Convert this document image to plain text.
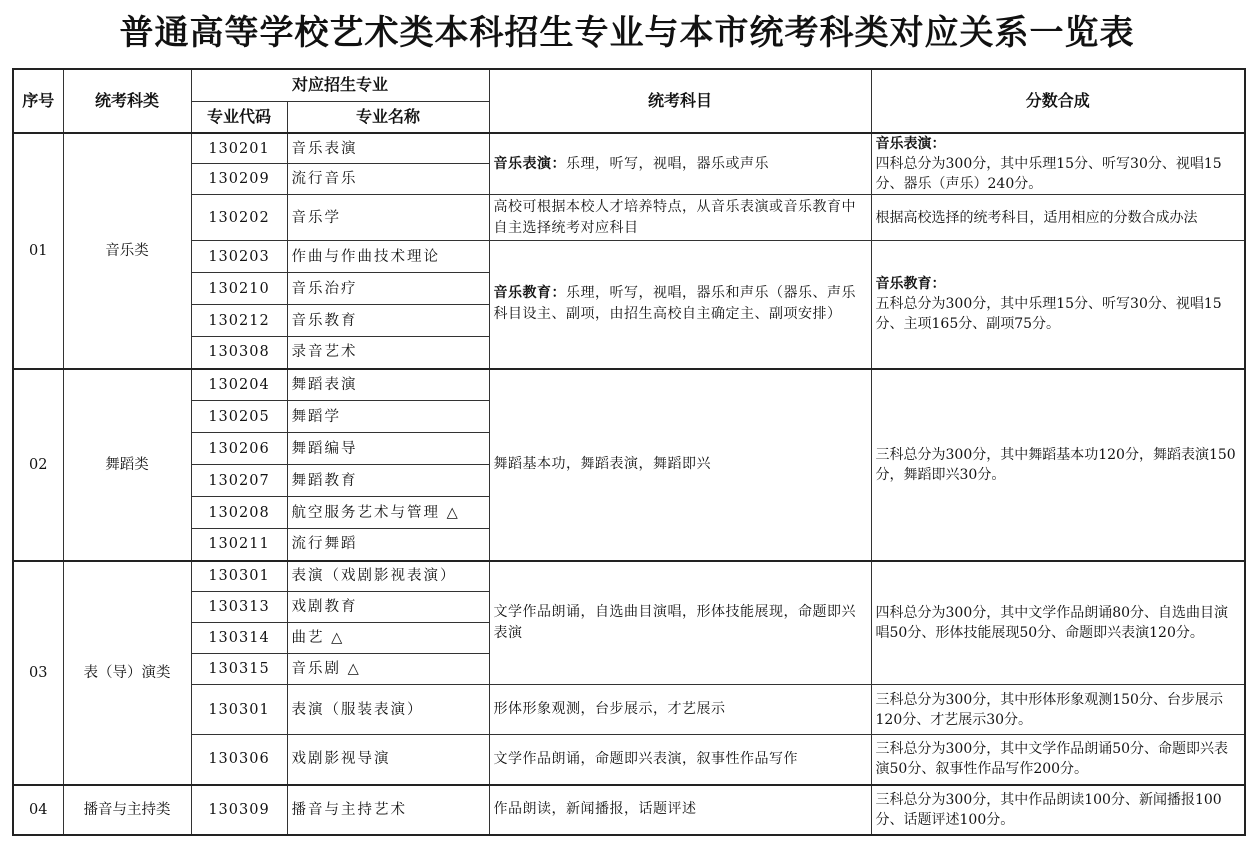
普通高等学校艺术类本科招生专业与本市统考科类对应关系一览表
序号	统考科类	对应招生专业		统考科目	分数合成
		专业代码	专业名称		
01	音乐类	130201	音乐表演	音乐表演：乐理，听写，视唱，器乐或声乐	音乐表演：
四科总分为300分，其中乐理15分、听写30分、视唱15分、器乐（声乐）240分。

		130209	流行音乐		
		130202	音乐学	高校可根据本校人才培养特点，从音乐表演或音乐教育中自主选择统考对应科目	根据高校选择的统考科目，适用相应的分数合成办法
		130203	作曲与作曲技术理论	音乐教育：乐理，听写，视唱，器乐和声乐（器乐、声乐科目设主、副项，由招生高校自主确定主、副项安排）	音乐教育：
五科总分为300分，其中乐理15分、听写30分、视唱15分、主项165分、副项75分。

		130210	音乐治疗		
		130212	音乐教育		
		130308	录音艺术		
02	舞蹈类	130204	舞蹈表演	舞蹈基本功，舞蹈表演，舞蹈即兴	三科总分为300分，其中舞蹈基本功120分，舞蹈表演150分，舞蹈即兴30分。
		130205	舞蹈学		
		130206	舞蹈编导		
		130207	舞蹈教育		
		130208	航空服务艺术与管理 △		
		130211	流行舞蹈		
03	表（导）演类	130301	表演（戏剧影视表演）	文学作品朗诵，自选曲目演唱，形体技能展现，命题即兴表演	四科总分为300分，其中文学作品朗诵80分、自选曲目演唱50分、形体技能展现50分、命题即兴表演120分。
		130313	戏剧教育		
		130314	曲艺 △		
		130315	音乐剧 △		
		130301	表演（服装表演）	形体形象观测，台步展示，才艺展示	三科总分为300分，其中形体形象观测150分、台步展示120分、才艺展示30分。
		130306	戏剧影视导演	文学作品朗诵，命题即兴表演，叙事性作品写作	三科总分为300分，其中文学作品朗诵50分、命题即兴表演50分、叙事性作品写作200分。
04	播音与主持类	130309	播音与主持艺术	作品朗读，新闻播报，话题评述	三科总分为300分，其中作品朗读100分、新闻播报100分、话题评述100分。
